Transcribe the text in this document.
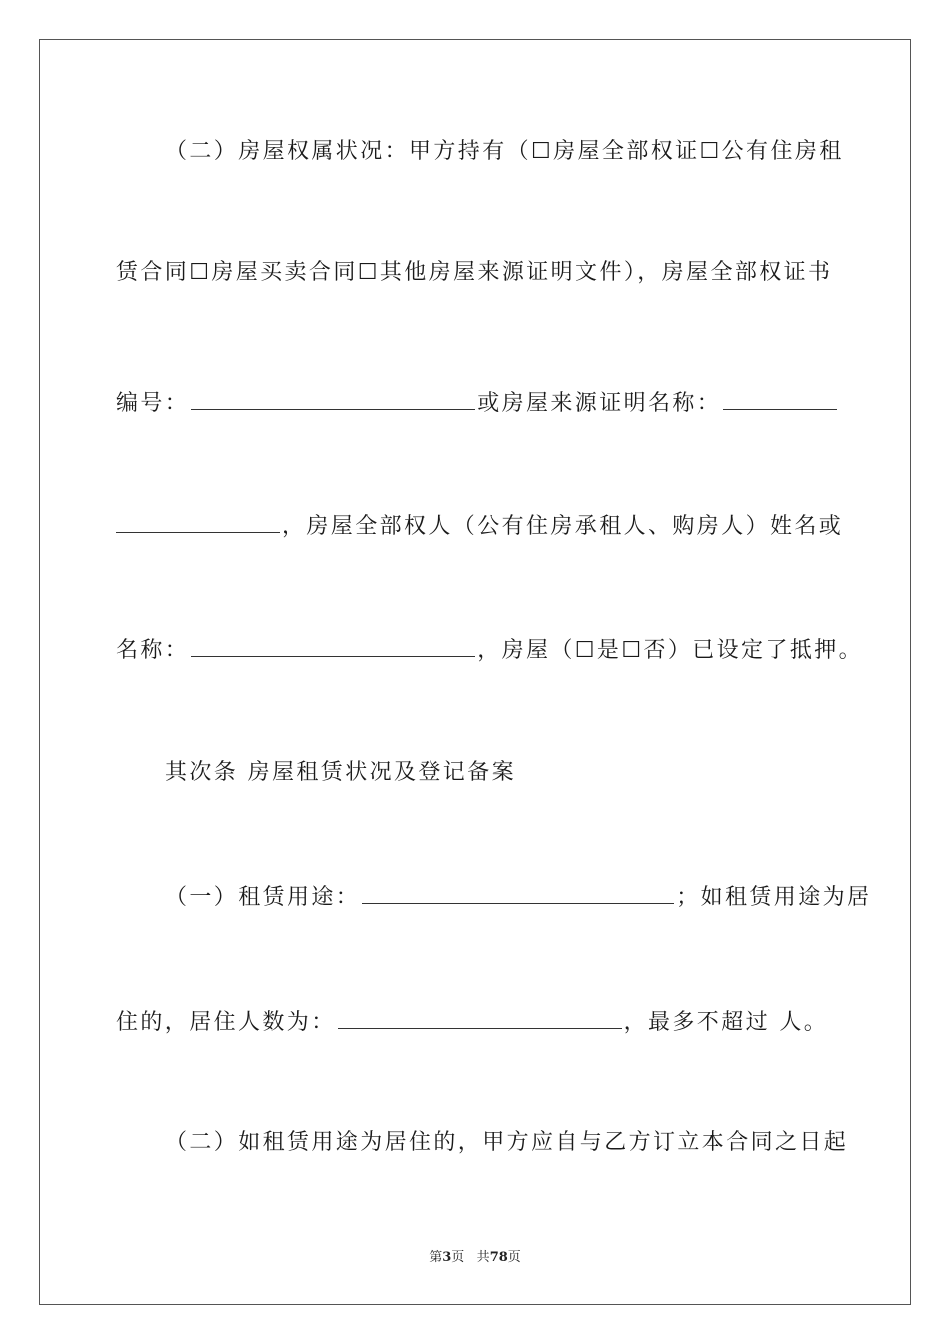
（二）房屋权属状况：甲方持有（☐房屋全部权证☐公有住房租
赁合同☐房屋买卖合同☐其他房屋来源证明文件），房屋全部权证书
编号：	或房屋来源证明名称：
，房屋全部权人（公有住房承租人、购房人）姓名或
名称：	，房屋（☐是☐否）已设定了抵押。
其次条 房屋租赁状况及登记备案
（一）租赁用途：	；如租赁用途为居
住的，居住人数为：	，最多不超过 人。
（二）如租赁用途为居住的，甲方应自与乙方订立本合同之日起
第3页 共78页
